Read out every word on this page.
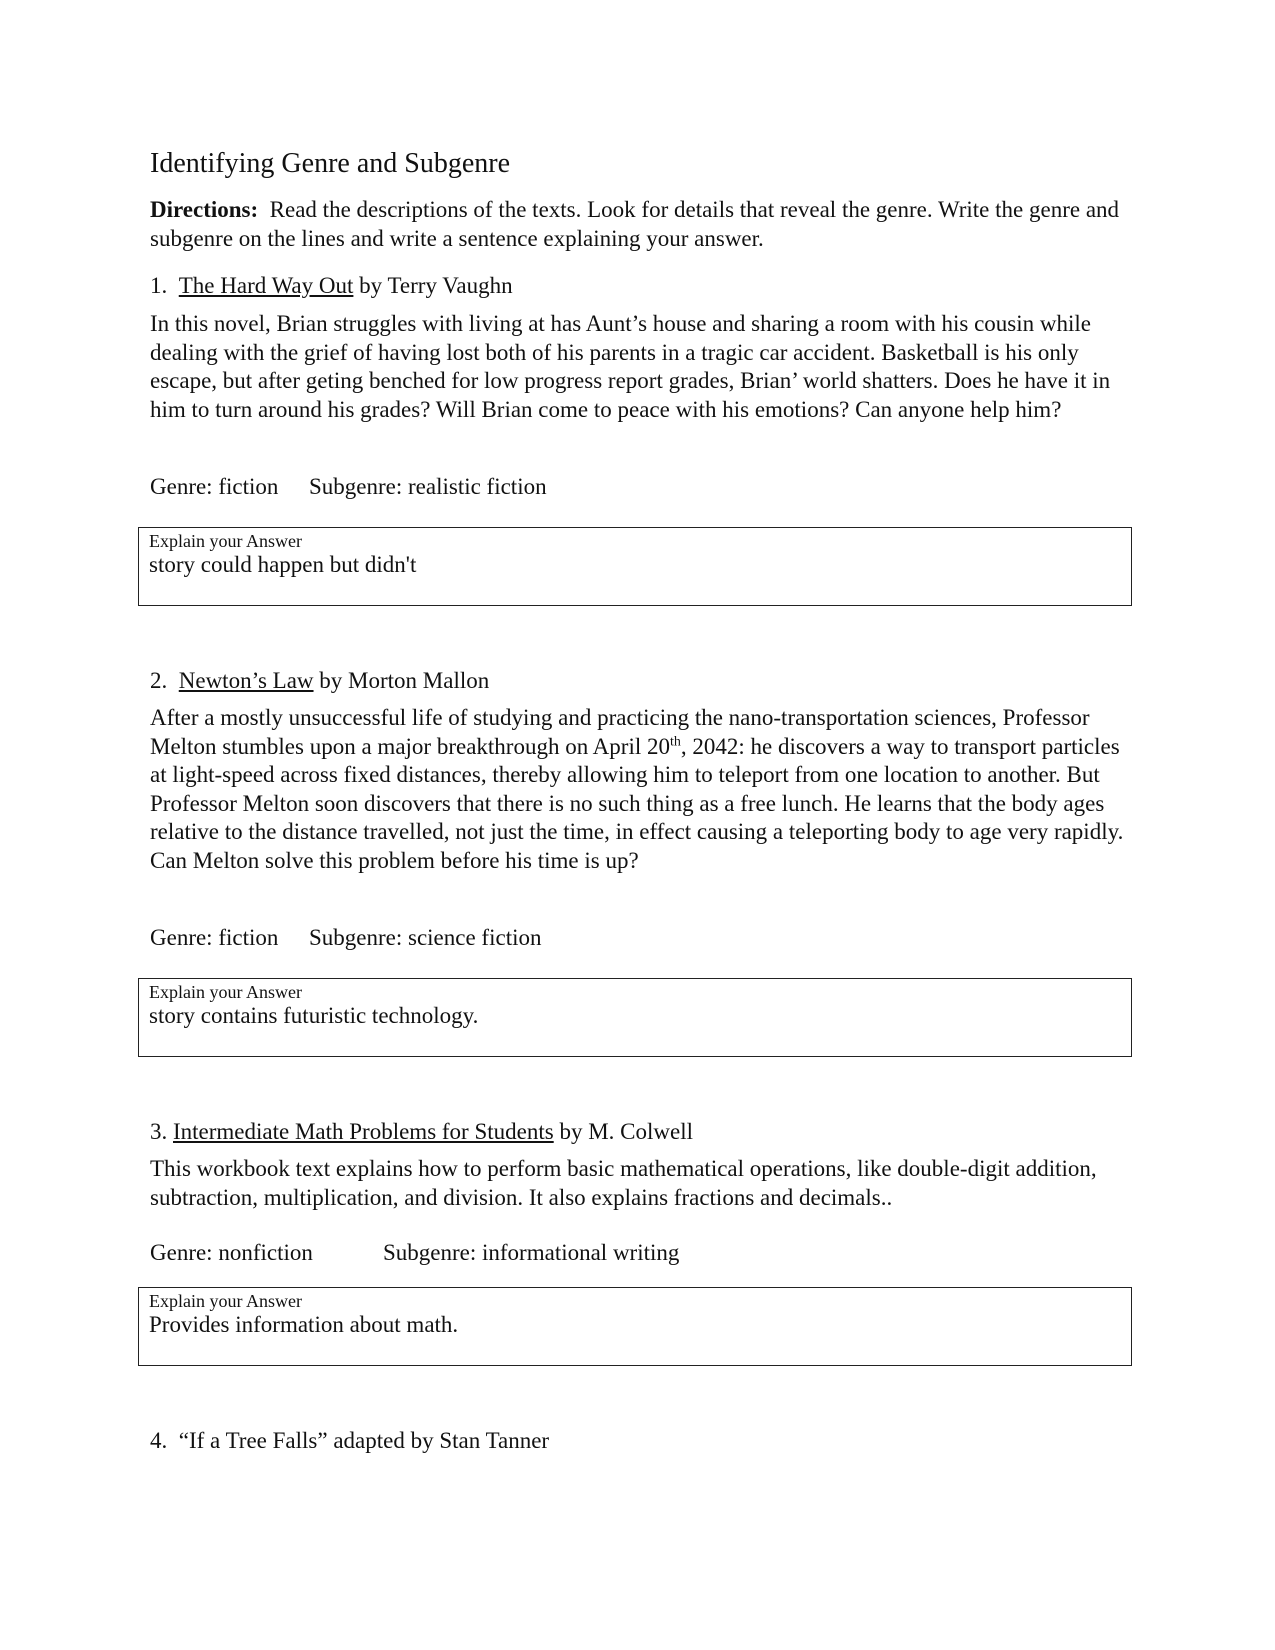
Identifying Genre and Subgenre
Directions: Read the descriptions of the texts. Look for details that reveal the genre. Write the genre and subgenre on the lines and write a sentence explaining your answer.
1. The Hard Way Out by Terry Vaughn
In this novel, Brian struggles with living at has Aunt’s house and sharing a room with his cousin while dealing with the grief of having lost both of his parents in a tragic car accident. Basketball is his only escape, but after geting benched for low progress report grades, Brian’ world shatters. Does he have it in him to turn around his grades? Will Brian come to peace with his emotions? Can anyone help him?
Genre: fiction Subgenre: realistic fiction
Explain your Answer
story could happen but didn't
2. Newton’s Law by Morton Mallon
After a mostly unsuccessful life of studying and practicing the nano-transportation sciences, Professor Melton stumbles upon a major breakthrough on April 20th, 2042: he discovers a way to transport particles at light-speed across fixed distances, thereby allowing him to teleport from one location to another. But Professor Melton soon discovers that there is no such thing as a free lunch. He learns that the body ages relative to the distance travelled, not just the time, in effect causing a teleporting body to age very rapidly. Can Melton solve this problem before his time is up?
Genre: fiction Subgenre: science fiction
Explain your Answer
story contains futuristic technology.
3. Intermediate Math Problems for Students by M. Colwell
This workbook text explains how to perform basic mathematical operations, like double-digit addition, subtraction, multiplication, and division. It also explains fractions and decimals..
Genre: nonfiction	Subgenre: informational writing
Explain your Answer
Provides information about math.
4. “If a Tree Falls” adapted by Stan Tanner
